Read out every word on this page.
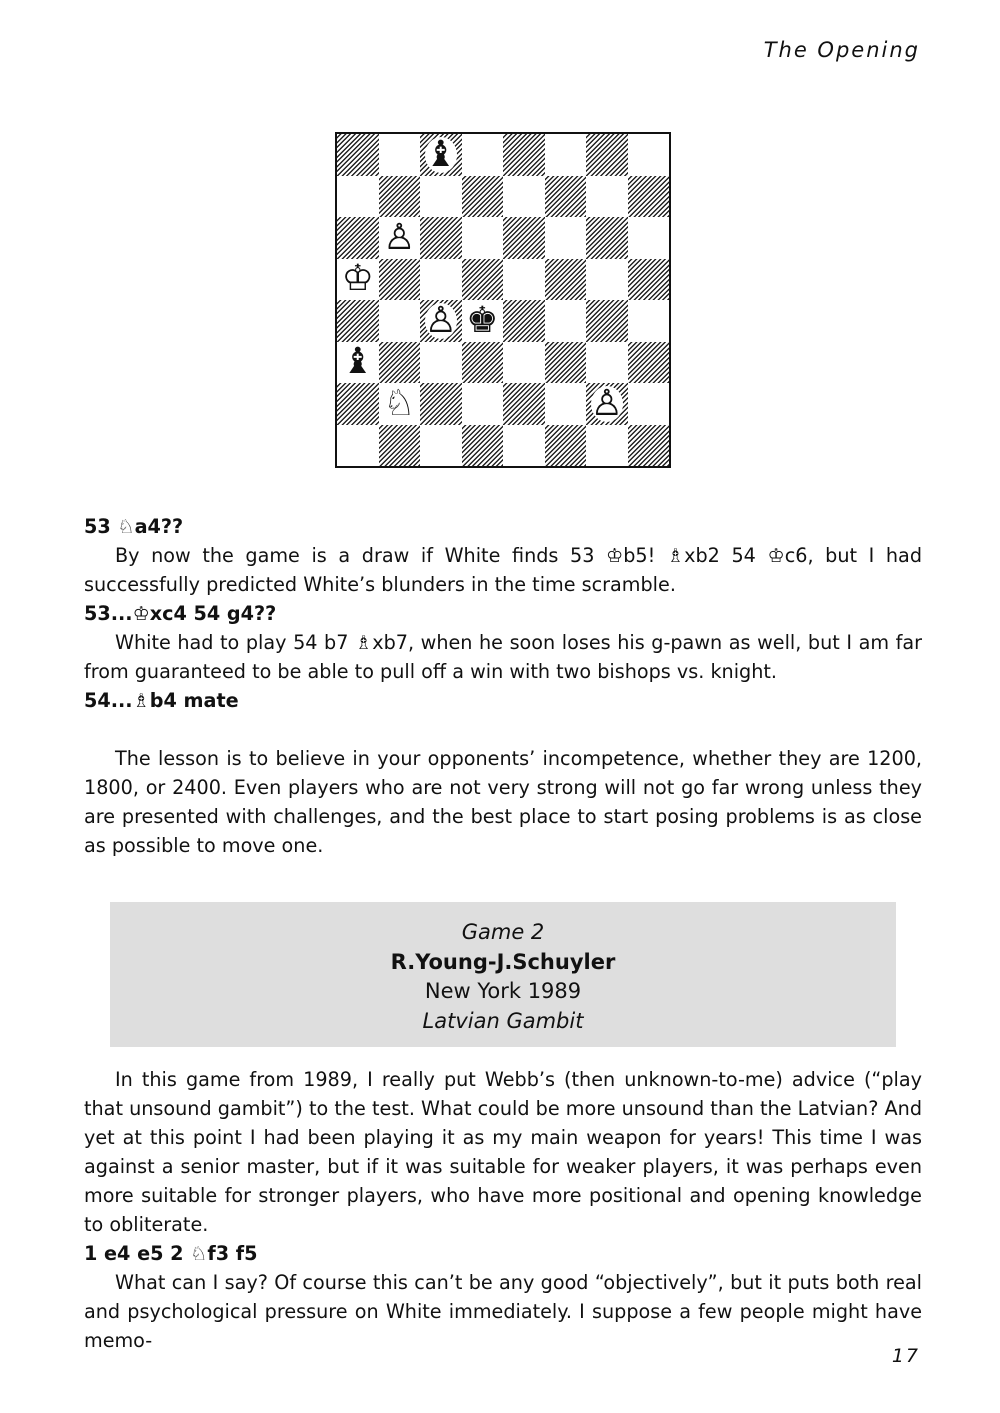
The Opening
♝
♙
♔
♙ ♚
♝
♘	♙

53 ♘a4??

By now the game is a draw if White finds 53 ♔b5! ♗xb2 54 ♔c6, but I had successfully predicted White’s blunders in the time scramble.

53...♔xc4 54 g4??

White had to play 54 b7 ♗xb7, when he soon loses his g-pawn as well, but I am far from guaranteed to be able to pull off a win with two bishops vs. knight.

54...♗b4 mate

The lesson is to believe in your opponents’ incompetence, whether they are 1200, 1800, or 2400. Even players who are not very strong will not go far wrong unless they are presented with challenges, and the best place to start posing problems is as close as possible to move one.

Game 2
R.Young-J.Schuyler
New York 1989
Latvian Gambit

In this game from 1989, I really put Webb’s (then unknown-to-me) advice (“play that unsound gambit”) to the test. What could be more unsound than the Latvian? And yet at this point I had been playing it as my main weapon for years! This time I was against a senior master, but if it was suitable for weaker players, it was perhaps even more suitable for stronger players, who have more positional and opening knowledge to obliterate.

1 e4 e5 2 ♘f3 f5

What can I say? Of course this can’t be any good “objectively”, but it puts both real and psychological pressure on White immediately. I suppose a few people might have memo-

17
